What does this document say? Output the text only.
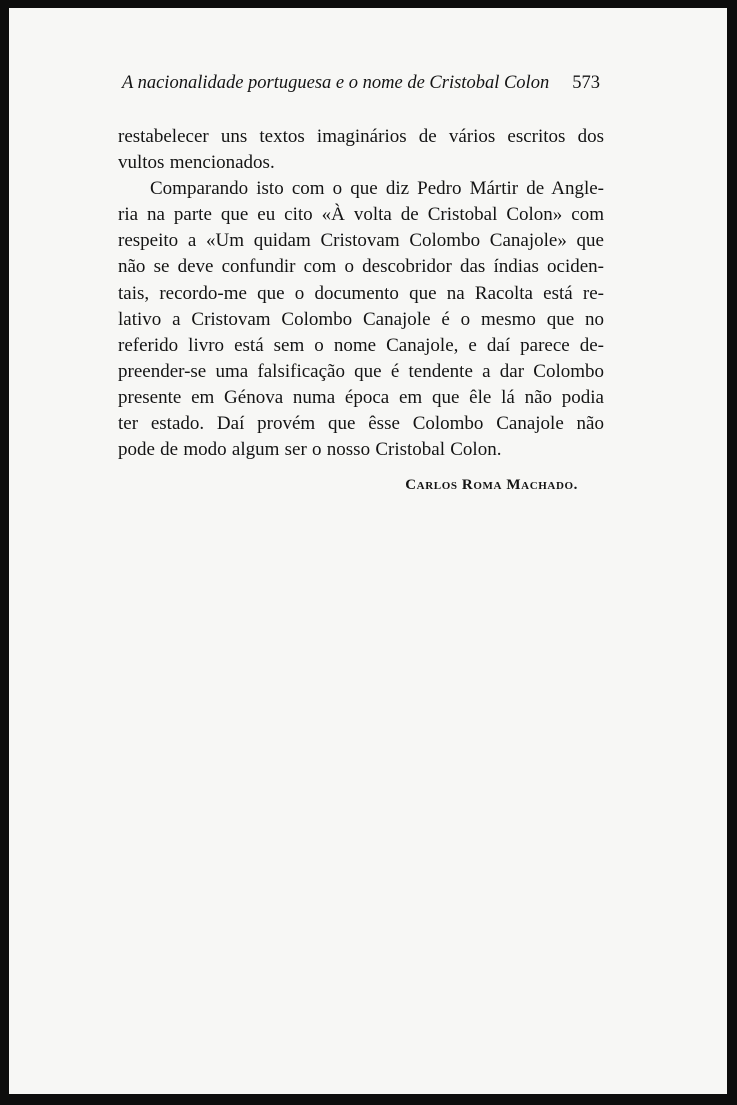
A nacionalidade portuguesa e o nome de Cristobal Colon 573

restabelecer uns textos imaginários de vários escritos dos
vultos mencionados.

Comparando isto com o que diz Pedro Mártir de Angle-
ria na parte que eu cito «À volta de Cristobal Colon» com
respeito a «Um quidam Cristovam Colombo Canajole» que
não se deve confundir com o descobridor das índias ociden-
tais, recordo-me que o documento que na Racolta está re-
lativo a Cristovam Colombo Canajole é o mesmo que no
referido livro está sem o nome Canajole, e daí parece de-
preender-se uma falsificação que é tendente a dar Colombo
presente em Génova numa época em que êle lá não podia
ter estado. Daí provém que êsse Colombo Canajole não
pode de modo algum ser o nosso Cristobal Colon.

Carlos Roma Machado.
